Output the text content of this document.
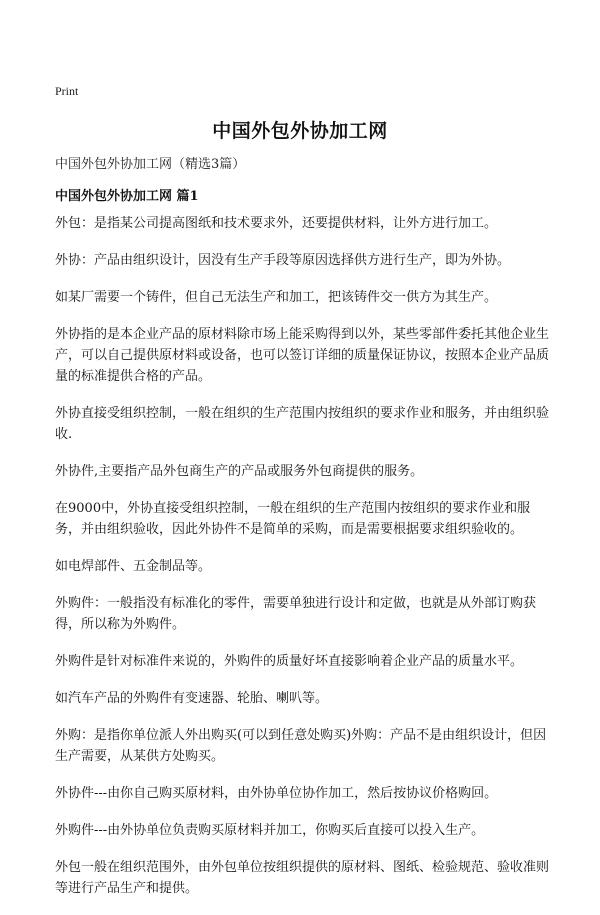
Print
中国外包外协加工网
中国外包外协加工网（精选3篇）
中国外包外协加工网 篇1

外包：是指某公司提高图纸和技术要求外，还要提供材料，让外方进行加工。

外协：产品由组织设计，因没有生产手段等原因选择供方进行生产，即为外协。

如某厂需要一个铸件，但自己无法生产和加工，把该铸件交一供方为其生产。

外协指的是本企业产品的原材料除市场上能采购得到以外，某些零部件委托其他企业生产，可以自己提供原材料或设备，也可以签订详细的质量保证协议，按照本企业产品质量的标准提供合格的产品。

外协直接受组织控制，一般在组织的生产范围内按组织的要求作业和服务，并由组织验收.

外协件,主要指产品外包商生产的产品或服务外包商提供的服务。

在9000中，外协直接受组织控制，一般在组织的生产范围内按组织的要求作业和服务，并由组织验收，因此外协件不是简单的采购，而是需要根据要求组织验收的。

如电焊部件、五金制品等。

外购件：一般指没有标准化的零件，需要单独进行设计和定做，也就是从外部订购获得，所以称为外购件。

外购件是针对标准件来说的，外购件的质量好坏直接影响着企业产品的质量水平。

如汽车产品的外购件有变速器、轮胎、喇叭等。

外购：是指你单位派人外出购买(可以到任意处购买)外购：产品不是由组织设计，但因生产需要，从某供方处购买。

外协件---由你自己购买原材料，由外协单位协作加工，然后按协议价格购回。

外购件---由外协单位负责购买原材料并加工，你购买后直接可以投入生产。

外包一般在组织范围外，由外包单位按组织提供的原材料、图纸、检验规范、验收准则等进行产品生产和提供。
